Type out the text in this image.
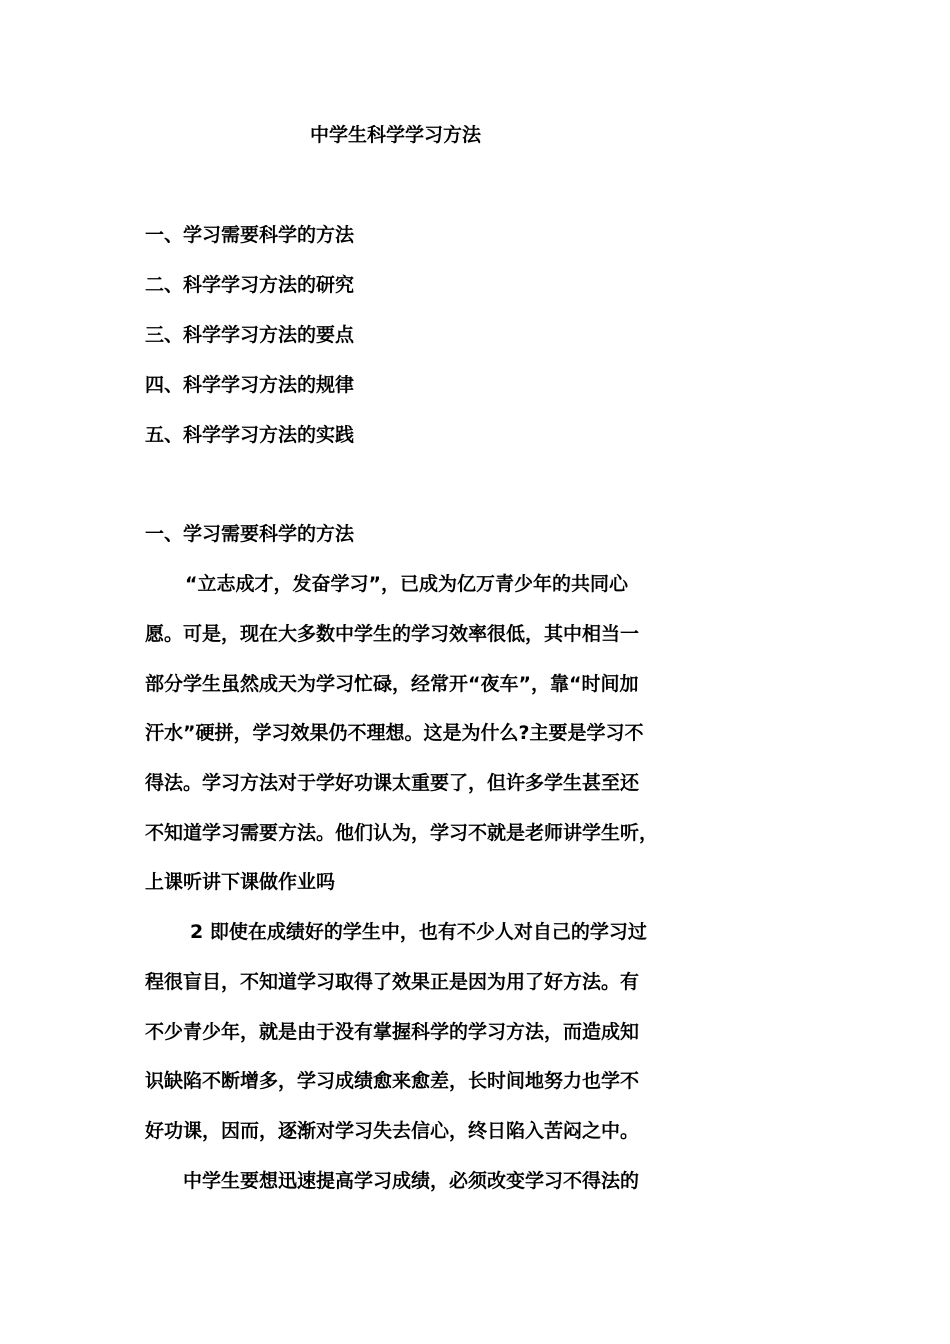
中学生科学学习方法
一、学习需要科学的方法
二、科学学习方法的研究
三、科学学习方法的要点
四、科学学习方法的规律
五、科学学习方法的实践
一、学习需要科学的方法
“立志成才，发奋学习”，已成为亿万青少年的共同心
愿。可是，现在大多数中学生的学习效率很低，其中相当一
部分学生虽然成天为学习忙碌，经常开“夜车”，靠“时间加
汗水”硬拼，学习效果仍不理想。这是为什么?主要是学习不
得法。学习方法对于学好功课太重要了，但许多学生甚至还
不知道学习需要方法。他们认为，学习不就是老师讲学生听，
上课听讲下课做作业吗
2 即使在成绩好的学生中，也有不少人对自己的学习过
程很盲目，不知道学习取得了效果正是因为用了好方法。有
不少青少年，就是由于没有掌握科学的学习方法，而造成知
识缺陷不断增多，学习成绩愈来愈差，长时间地努力也学不
好功课，因而，逐渐对学习失去信心，终日陷入苦闷之中。
中学生要想迅速提高学习成绩，必须改变学习不得法的
